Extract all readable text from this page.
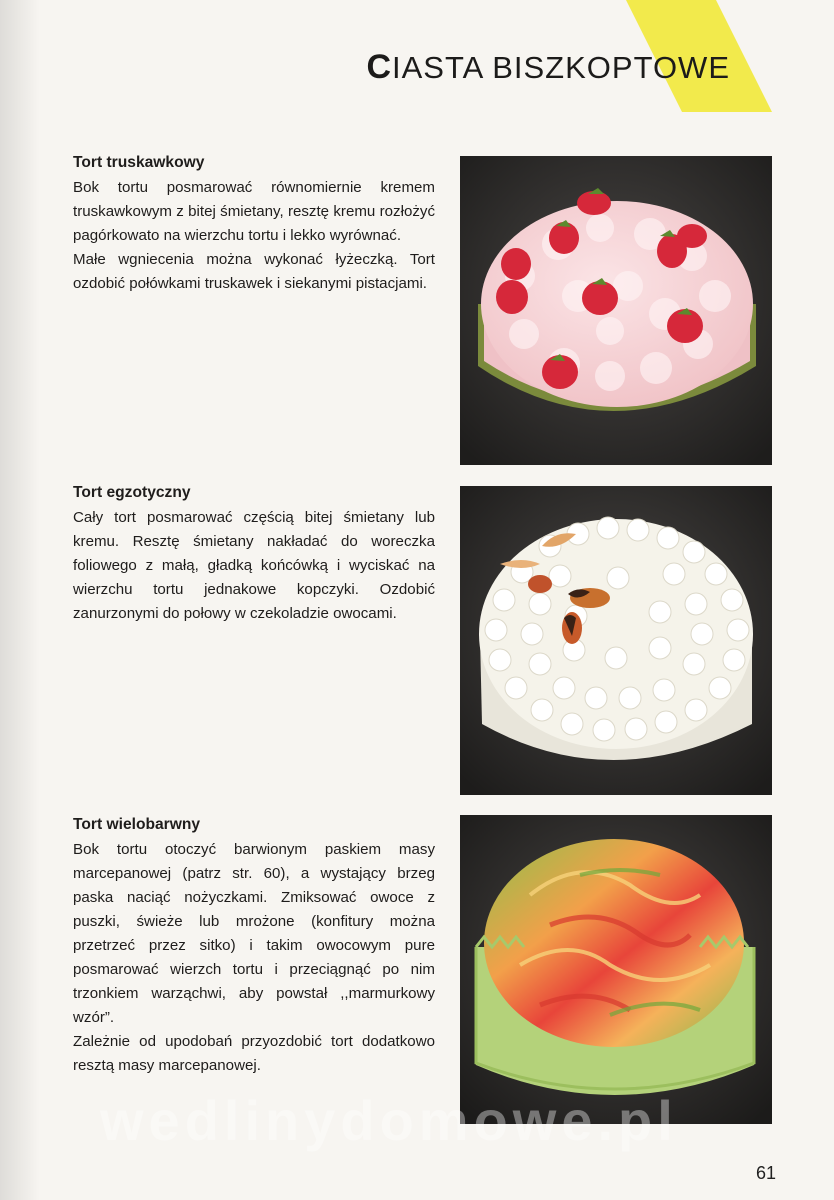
CIASTA BISZKOPTOWE
Tort truskawkowy

Bok tortu posmarować równomiernie kremem truskawkowym z bitej śmietany, resztę kremu rozłożyć pagórkowato na wierzchu tortu i lekko wyrównać.

Małe wgniecenia można wykonać łyżeczką. Tort ozdobić połówkami truskawek i siekanymi pistacjami.

Tort egzotyczny

Cały tort posmarować częścią bitej śmietany lub kremu. Resztę śmietany nakładać do woreczka foliowego z małą, gładką końcówką i wyciskać na wierzchu tortu jednakowe kopczyki. Ozdobić zanurzonymi do połowy w czekoladzie owocami.

Tort wielobarwny

Bok tortu otoczyć barwionym paskiem masy marcepanowej (patrz str. 60), a wystający brzeg paska naciąć nożyczkami. Zmiksować owoce z puszki, świeże lub mrożone (konfitury można przetrzeć przez sitko) i takim owocowym pure posmarować wierzch tortu i przeciągnąć po nim trzonkiem warząchwi, aby powstał ,,marmurkowy wzór”.

Zależnie od upodobań przyozdobić tort dodatkowo resztą masy marcepanowej.

wedlinydomowe.pl
61
